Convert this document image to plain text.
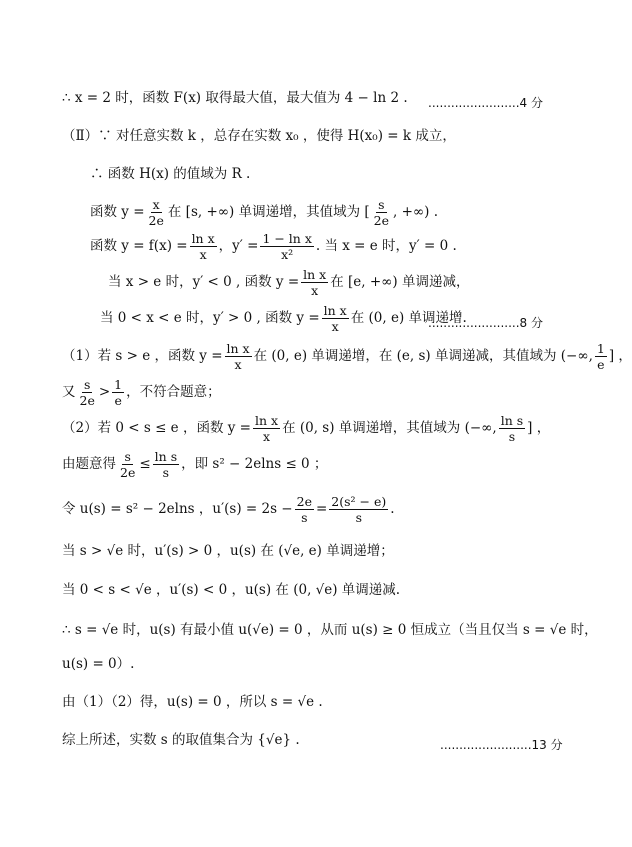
∴ x = 2 时，函数 F(x) 取得最大值，最大值为 4 − ln 2 . ........................4 分
（Ⅱ）∵ 对任意实数 k ，总存在实数 x₀ ，使得 H(x₀) = k 成立，
∴ 函数 H(x) 的值域为 R .
函数 $y = \frac{x}{2e}$ 在 [s, +∞) 单调递增，其值域为 [ $\frac{s}{2e}$ , +∞) .
函数 $y = f(x) = \frac{\text{ln x}}{x}$ ，$y' = \frac{\text{1 − ln x}}{\text{x²}}$ . 当 x = e 时，y′ = 0 .
当 x > e 时，y′ < 0 , 函数 $y = \frac{\text{ln x}}{x}$ 在 [e, +∞) 单调递减，
当 0 < x < e 时，y′ > 0 , 函数 $y = \frac{\text{ln x}}{x}$ 在 (0, e) 单调递增.
........................8 分
（1）若 s > e ，函数 $y = \frac{\text{ln x}}{x}$ 在 (0, e) 单调递增，在 (e, s) 单调递减，其值域为 (−∞, $\frac{1}{e}$ ] ，
又 $\frac{s}{2e} > \frac{1}{e}$ ，不符合题意；
（2）若 0 < s ≤ e ，函数 $y = \frac{\text{ln x}}{x}$ 在 (0, s) 单调递增，其值域为 (−∞, $\frac{\text{ln s}}{s}$ ] ，
由题意得 $\frac{s}{2e} \le \frac{\text{ln s}}{s}$ ，即 s² − 2elns ≤ 0 ；
令 u(s) = s² − 2elns ，$u'(s) = 2s - \frac{2e}{s} = \frac{\text{2(s² − e)}}{s}$ .
当 s > √e 时，u′(s) > 0 ，u(s) 在 (√e, e) 单调递增；
当 0 < s < √e ，u′(s) < 0 ，u(s) 在 (0, √e) 单调递减.
∴ s = √e 时，u(s) 有最小值 u(√e) = 0 ，从而 u(s) ≥ 0 恒成立（当且仅当 s = √e 时，
u(s) = 0）.
由（1）（2）得，u(s) = 0 ，所以 s = √e .
综上所述，实数 s 的取值集合为 {√e} .	........................13 分
